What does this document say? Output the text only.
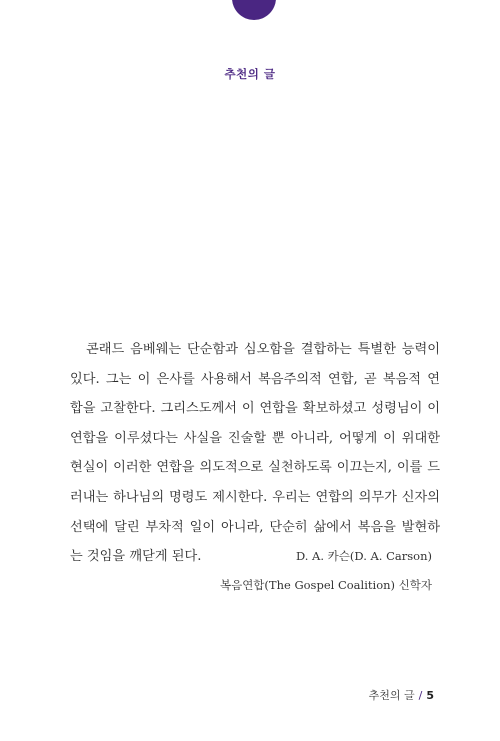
추천의 글
콘래드 음베웨는 단순함과 심오함을 결합하는 특별한 능력이
있다. 그는 이 은사를 사용해서 복음주의적 연합, 곧 복음적 연
합을 고찰한다. 그리스도께서 이 연합을 확보하셨고 성령님이 이
연합을 이루셨다는 사실을 진술할 뿐 아니라, 어떻게 이 위대한
현실이 이러한 연합을 의도적으로 실천하도록 이끄는지, 이를 드
러내는 하나님의 명령도 제시한다. 우리는 연합의 의무가 신자의
선택에 달린 부차적 일이 아니라, 단순히 삶에서 복음을 발현하
는 것임을 깨닫게 된다.	D. A. 카슨(D. A. Carson)
복음연합(The Gospel Coalition) 신학자
추천의 글 / 5
